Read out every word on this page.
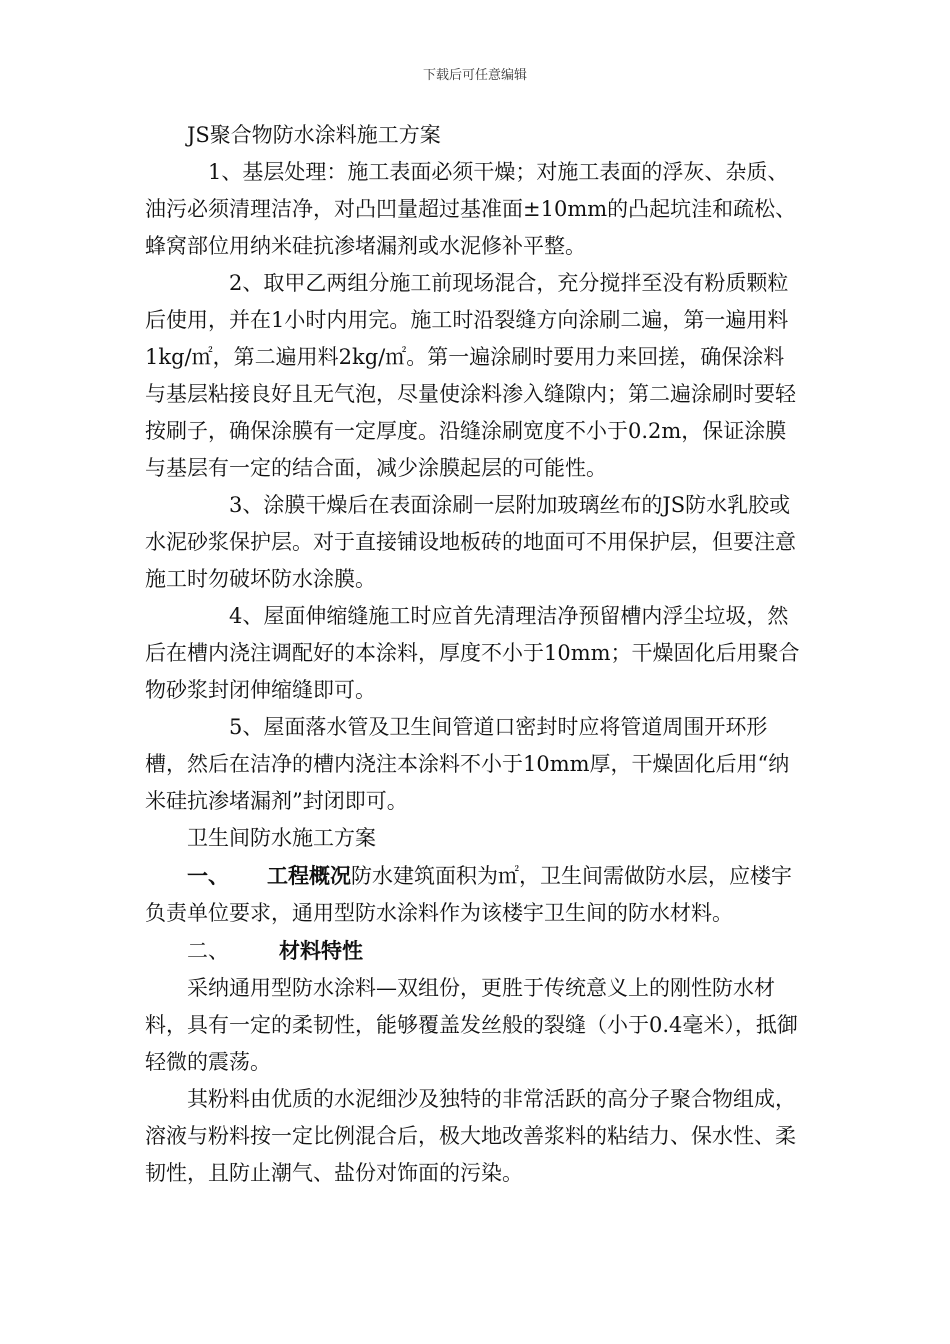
下载后可任意编辑

JS聚合物防水涂料施工方案

1、基层处理：施工表面必须干燥；对施工表面的浮灰、杂质、油污必须清理洁净，对凸凹量超过基准面±10mm的凸起坑洼和疏松、蜂窝部位用纳米硅抗渗堵漏剂或水泥修补平整。

2、取甲乙两组分施工前现场混合，充分搅拌至没有粉质颗粒后使用，并在1小时内用完。施工时沿裂缝方向涂刷二遍，第一遍用料1kg/㎡，第二遍用料2kg/㎡。第一遍涂刷时要用力来回搓，确保涂料与基层粘接良好且无气泡，尽量使涂料渗入缝隙内；第二遍涂刷时要轻按刷子，确保涂膜有一定厚度。沿缝涂刷宽度不小于0.2m，保证涂膜与基层有一定的结合面，减少涂膜起层的可能性。

3、涂膜干燥后在表面涂刷一层附加玻璃丝布的JS防水乳胶或水泥砂浆保护层。对于直接铺设地板砖的地面可不用保护层，但要注意施工时勿破坏防水涂膜。

4、屋面伸缩缝施工时应首先清理洁净预留槽内浮尘垃圾，然后在槽内浇注调配好的本涂料，厚度不小于10mm；干燥固化后用聚合物砂浆封闭伸缩缝即可。

5、屋面落水管及卫生间管道口密封时应将管道周围开环形槽，然后在洁净的槽内浇注本涂料不小于10mm厚，干燥固化后用“纳米硅抗渗堵漏剂”封闭即可。

卫生间防水施工方案

一、 工程概况防水建筑面积为㎡，卫生间需做防水层，应楼宇负责单位要求，通用型防水涂料作为该楼宇卫生间的防水材料。

二、 材料特性

采纳通用型防水涂料—双组份，更胜于传统意义上的刚性防水材料，具有一定的柔韧性，能够覆盖发丝般的裂缝（小于0.4毫米），抵御轻微的震荡。

其粉料由优质的水泥细沙及独特的非常活跃的高分子聚合物组成，溶液与粉料按一定比例混合后，极大地改善浆料的粘结力、保水性、柔韧性，且防止潮气、盐份对饰面的污染。
